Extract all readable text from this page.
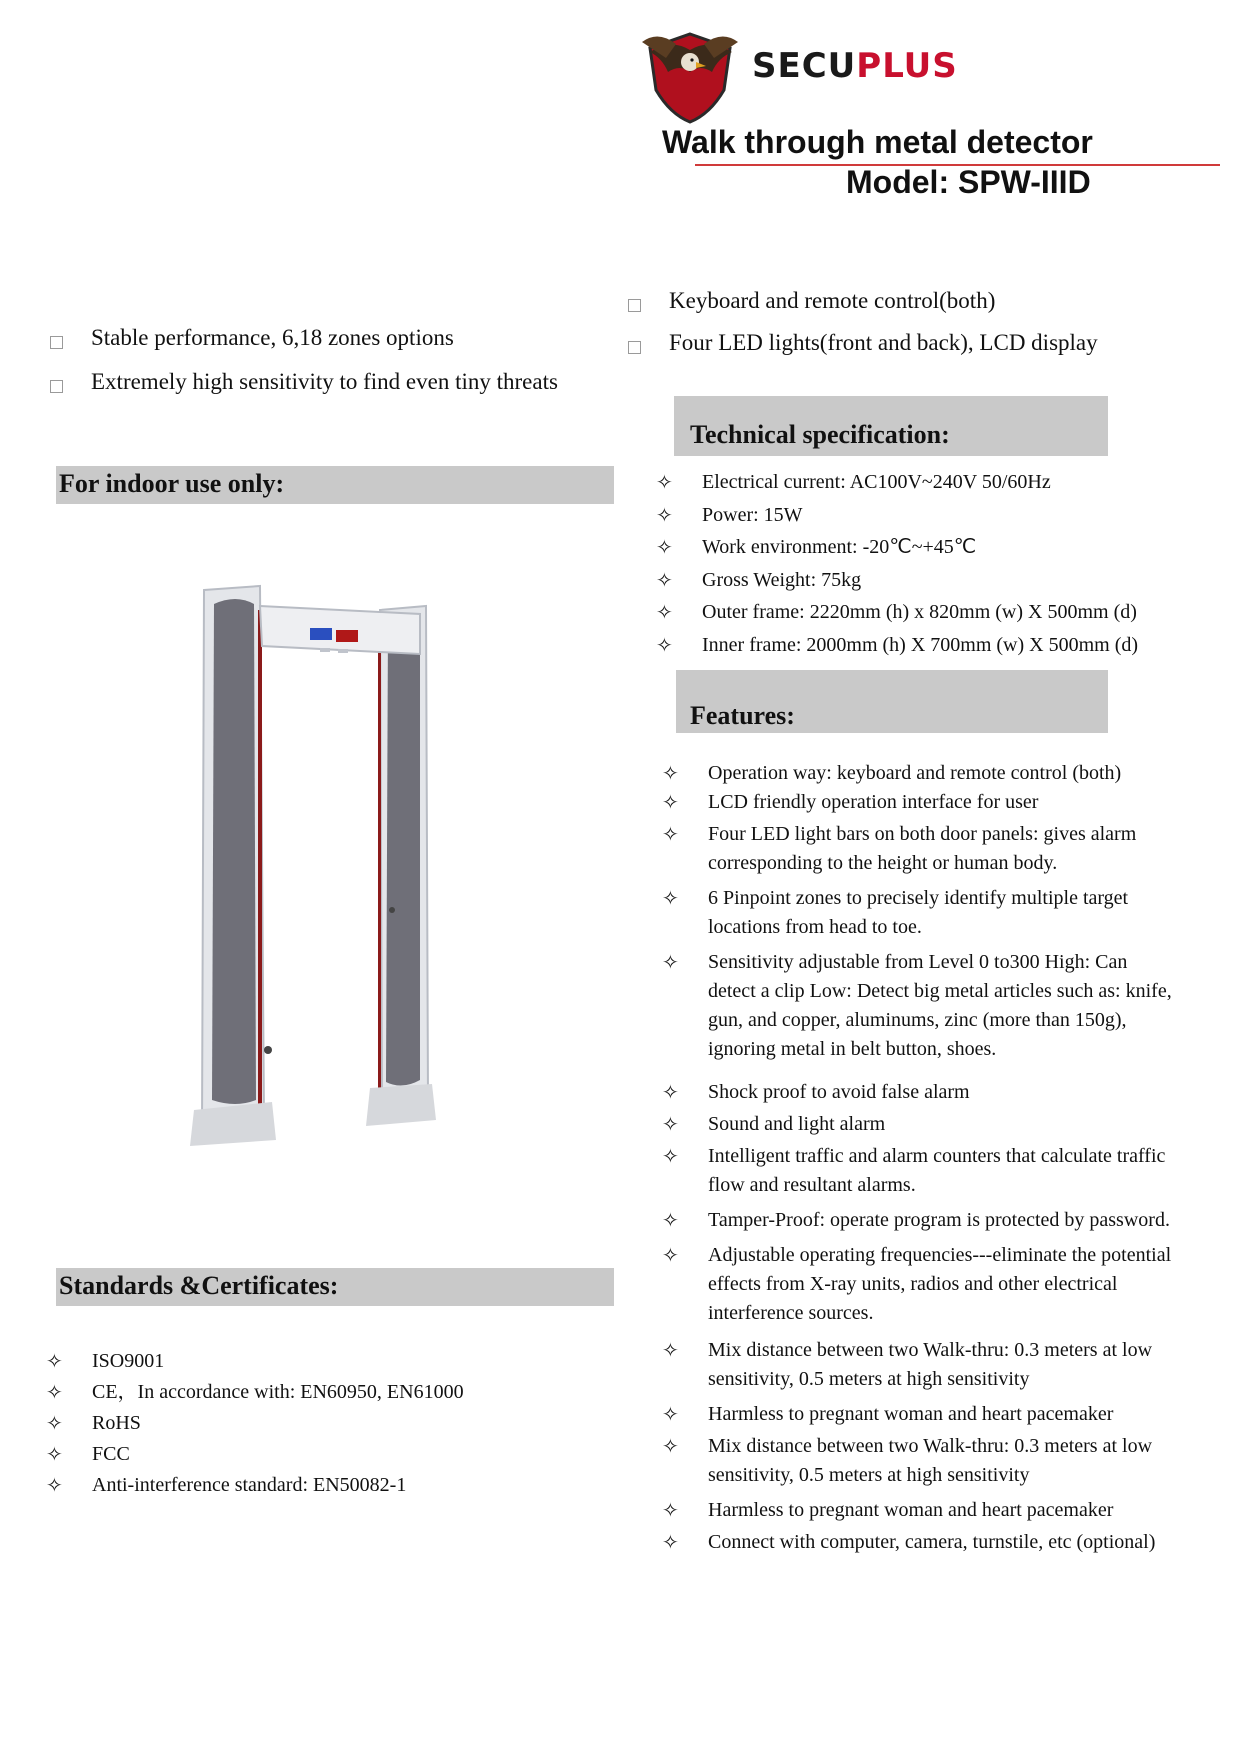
SECUPLUS
Walk through metal detector
Model: SPW-IIID
Keyboard and remote control(both)
Four LED lights(front and back), LCD display
Stable performance, 6,18 zones options
Extremely high sensitivity to find even tiny threats
Technical specification:
For indoor use only:	✧	Electrical current: AC100V~240V 50/60Hz
✧	Power: 15W
✧	Work environment: -20℃~+45℃
✧	Gross Weight: 75kg
✧	Outer frame: 2220mm (h) x 820mm (w) X 500mm (d)
✧	Inner frame: 2000mm (h) X 700mm (w) X 500mm (d)
Features:
✧	Operation way: keyboard and remote control (both)
✧	LCD friendly operation interface for user
✧	Four LED light bars on both door panels: gives alarm corresponding to the height or human body.
✧	6 Pinpoint zones to precisely identify multiple target locations from head to toe.
✧	Sensitivity adjustable from Level 0 to300 High: Can detect a clip Low: Detect big metal articles such as: knife, gun, and copper, aluminums, zinc (more than 150g), ignoring metal in belt button, shoes.
✧	Shock proof to avoid false alarm
✧	Sound and light alarm
✧	Intelligent traffic and alarm counters that calculate traffic flow and resultant alarms.
✧	Tamper-Proof: operate program is protected by password.
✧	Adjustable operating frequencies---eliminate the potential effects from X-ray units, radios and other electrical interference sources.
✧	Mix distance between two Walk-thru: 0.3 meters at low sensitivity, 0.5 meters at high sensitivity
✧	Harmless to pregnant woman and heart pacemaker
✧	Mix distance between two Walk-thru: 0.3 meters at low sensitivity, 0.5 meters at high sensitivity
✧	Harmless to pregnant woman and heart pacemaker
✧	Connect with computer, camera, turnstile, etc (optional)
Standards &Certificates:
✧	ISO9001
✧	CE，In accordance with: EN60950, EN61000
✧	RoHS
✧	FCC
✧	Anti-interference standard: EN50082-1
